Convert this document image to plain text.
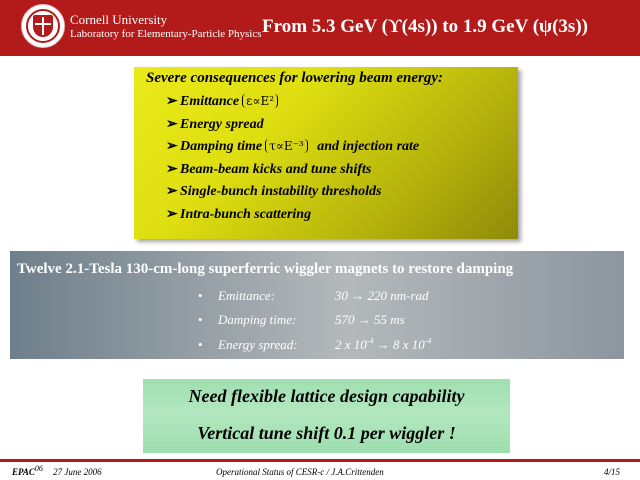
Cornell University
Laboratory for Elementary-Particle Physics From 5.3 GeV (ϒ(4s)) to 1.9 GeV (ψ(3s))
Severe consequences for lowering beam energy:
➢ Emittance ε∝E²
➢ Energy spread
➢ Damping time τ∝E⁻³ and injection rate
➢ Beam-beam kicks and tune shifts
➢ Single-bunch instability thresholds
➢ Intra-bunch scattering
Twelve 2.1-Tesla 130-cm-long superferric wiggler magnets to restore damping
• Emittance:	30 → 220 nm-rad
• Damping time:	570 → 55 ms
• Energy spread:	2 x $10^{-4} \to 8$ x $10^{-4}$
Need flexible lattice design capability
Vertical tune shift 0.1 per wiggler !
EPAC$^{06}$ 27 June 2006	Operational Status of CESR-c / J.A.Crittenden	4/15
